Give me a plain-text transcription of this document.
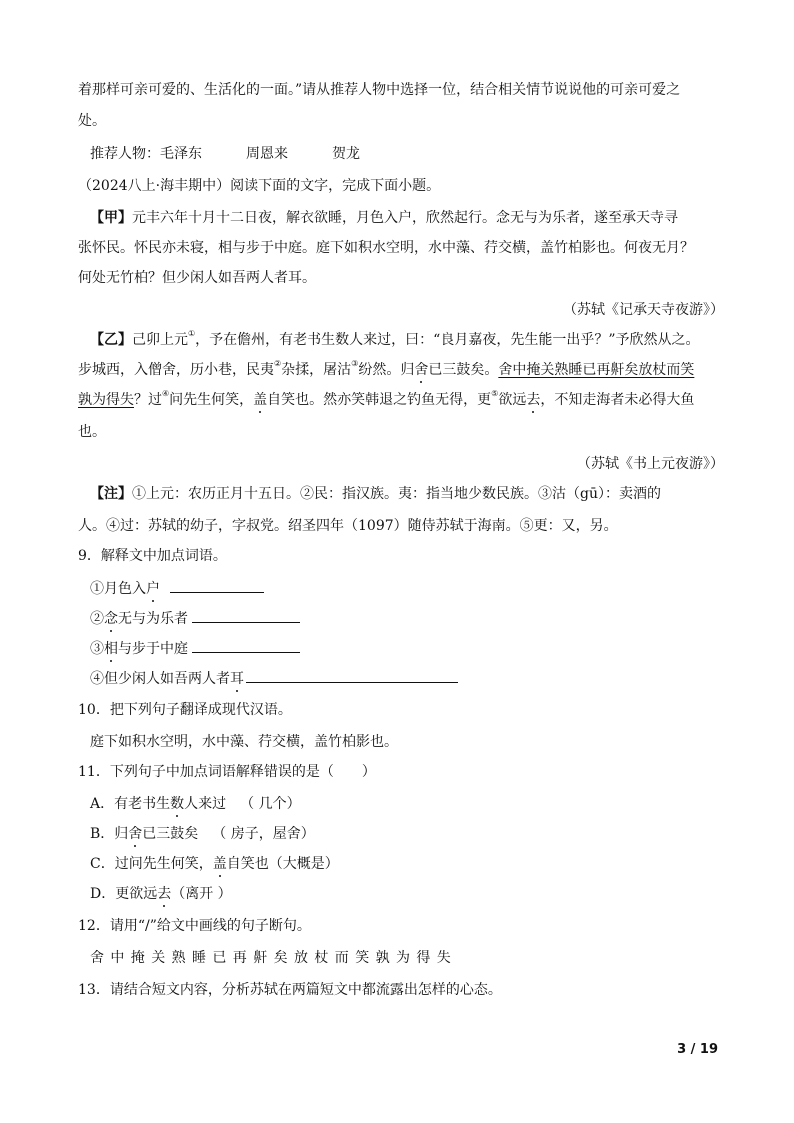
着那样可亲可爱的、生活化的一面。”请从推荐人物中选择一位，结合相关情节说说他的可亲可爱之
处。
推荐人物：毛泽东	周恩来	贺龙
（2024八上·海丰期中）阅读下面的文字，完成下面小题。
【甲】元丰六年十月十二日夜，解衣欲睡，月色入户，欣然起行。念无与为乐者，遂至承天寺寻
张怀民。怀民亦未寝，相与步于中庭。庭下如积水空明，水中藻、荇交横，盖竹柏影也。何夜无月？
何处无竹柏？但少闲人如吾两人者耳。
（苏轼《记承天寺夜游》）
【乙】己卯上元①，予在儋州，有老书生数人来过，曰：“良月嘉夜，先生能一出乎？”予欣然从之。
步城西，入僧舍，历小巷，民夷②杂揉，屠沽③纷然。归舍已三鼓矣。舍中掩关熟睡已再鼾矣放杖而笑
孰为得失？过④问先生何笑，盖自笑也。然亦笑韩退之钓鱼无得，更⑤欲远去，不知走海者未必得大鱼
也。
（苏轼《书上元夜游》）
【注】①上元：农历正月十五日。②民：指汉族。夷：指当地少数民族。③沽（gū）：卖酒的
人。④过：苏轼的幼子，字叔党。绍圣四年（1097）随侍苏轼于海南。⑤更：又，另。
9．解释文中加点词语。
①月色入户
②念无与为乐者
③相与步于中庭
④但少闲人如吾两人者耳
10．把下列句子翻译成现代汉语。
庭下如积水空明，水中藻、荇交横，盖竹柏影也。
11．下列句子中加点词语解释错误的是（　　）
A．有老书生数人来过 （ 几个）
B．归舍已三鼓矣 （ 房子，屋舍）
C．过问先生何笑，盖自笑也（大概是）
D．更欲远去（离开 ）
12．请用“/”给文中画线的句子断句。
舍中掩关熟睡已再鼾矣放杖而笑孰为得失
13．请结合短文内容，分析苏轼在两篇短文中都流露出怎样的心态。
3 / 19
